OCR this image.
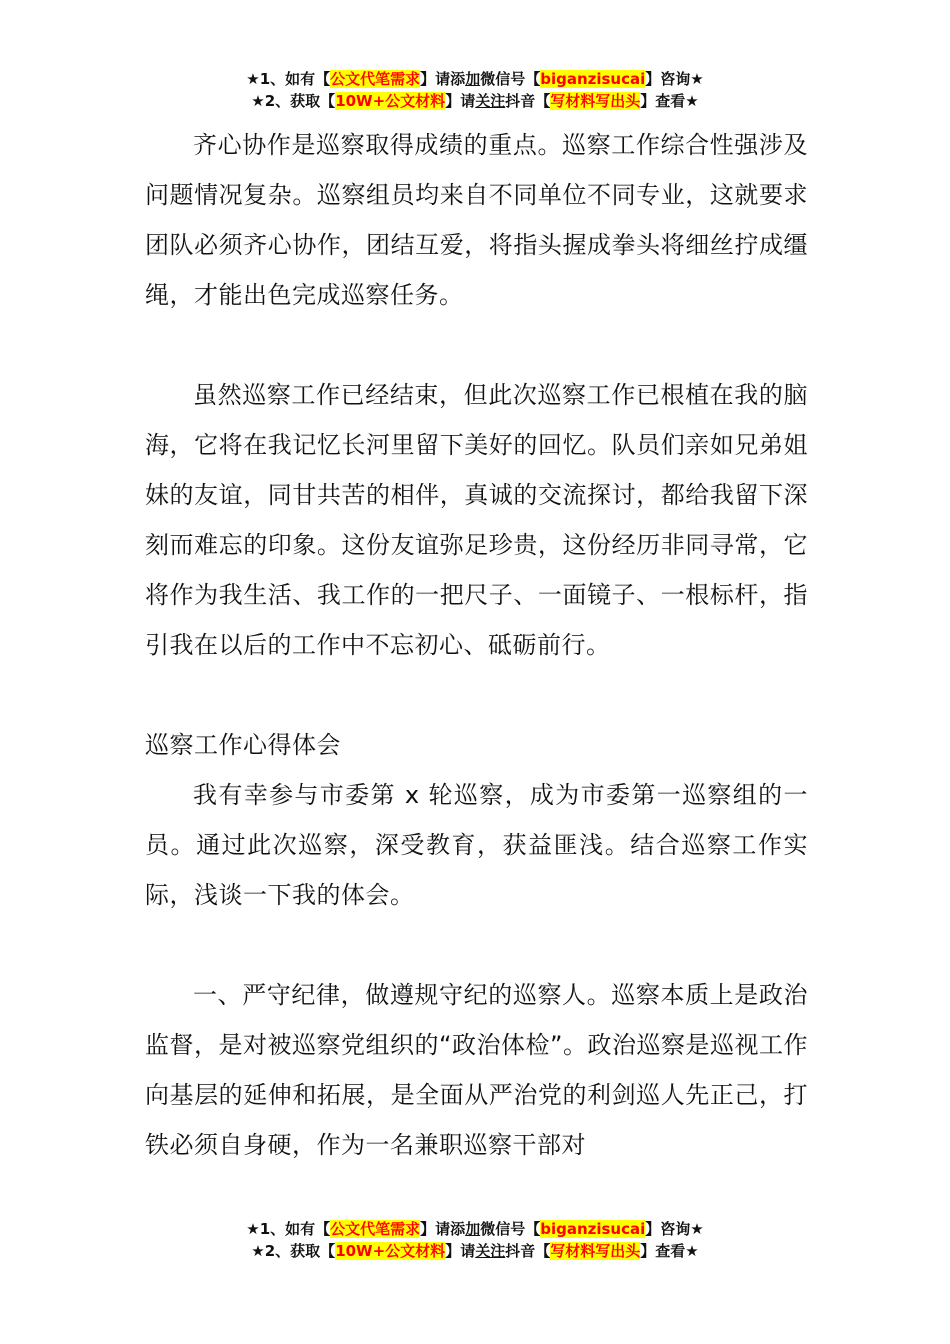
★1、如有【公文代笔需求】请添加微信号【biganzisucai】咨询★
★2、获取【10W+公文材料】请关注抖音【写材料写出头】查看★

齐心协作是巡察取得成绩的重点。巡察工作综合性强涉及问题情况复杂。巡察组员均来自不同单位不同专业，这就要求团队必须齐心协作，团结互爱，将指头握成拳头将细丝拧成缰绳，才能出色完成巡察任务。

虽然巡察工作已经结束，但此次巡察工作已根植在我的脑海，它将在我记忆长河里留下美好的回忆。队员们亲如兄弟姐妹的友谊，同甘共苦的相伴，真诚的交流探讨，都给我留下深刻而难忘的印象。这份友谊弥足珍贵，这份经历非同寻常，它将作为我生活、我工作的一把尺子、一面镜子、一根标杆，指引我在以后的工作中不忘初心、砥砺前行。

巡察工作心得体会

我有幸参与市委第 x 轮巡察，成为市委第一巡察组的一员。通过此次巡察，深受教育，获益匪浅。结合巡察工作实际，浅谈一下我的体会。

一、严守纪律，做遵规守纪的巡察人。巡察本质上是政治监督，是对被巡察党组织的“政治体检”。政治巡察是巡视工作向基层的延伸和拓展，是全面从严治党的利剑巡人先正己，打铁必须自身硬，作为一名兼职巡察干部对

★1、如有【公文代笔需求】请添加微信号【biganzisucai】咨询★
★2、获取【10W+公文材料】请关注抖音【写材料写出头】查看★
